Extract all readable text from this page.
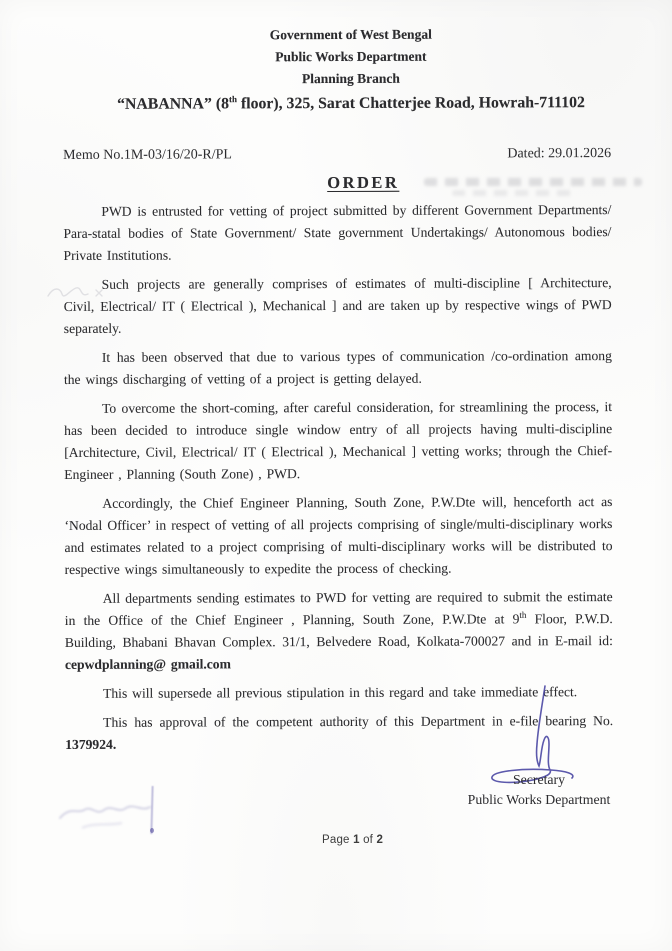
Government of West Bengal
Public Works Department
Planning Branch
“NABANNA” (8th floor), 325, Sarat Chatterjee Road, Howrah-711102
Memo No.1M-03/16/20-R/PL	Dated: 29.01.2026
ORDER

PWD is entrusted for vetting of project submitted by different Government Departments/ Para-statal bodies of State Government/ State government Undertakings/ Autonomous bodies/ Private Institutions.

Such projects are generally comprises of estimates of multi-discipline [ Architecture, Civil, Electrical/ IT ( Electrical ), Mechanical ] and are taken up by respective wings of PWD separately.

It has been observed that due to various types of communication /co-ordination among the wings discharging of vetting of a project is getting delayed.

To overcome the short-coming, after careful consideration, for streamlining the process, it has been decided to introduce single window entry of all projects having multi-discipline [Architecture, Civil, Electrical/ IT ( Electrical ), Mechanical ] vetting works; through the Chief-Engineer , Planning (South Zone) , PWD.

Accordingly, the Chief Engineer Planning, South Zone, P.W.Dte will, henceforth act as ‘Nodal Officer’ in respect of vetting of all projects comprising of single/multi-disciplinary works and estimates related to a project comprising of multi-disciplinary works will be distributed to respective wings simultaneously to expedite the process of checking.

All departments sending estimates to PWD for vetting are required to submit the estimate in the Office of the Chief Engineer , Planning, South Zone, P.W.Dte at 9th Floor, P.W.D. Building, Bhabani Bhavan Complex. 31/1, Belvedere Road, Kolkata-700027 and in E-mail id: cepwdplanning@ gmail.com

This will supersede all previous stipulation in this regard and take immediate effect.

This has approval of the competent authority of this Department in e-file bearing No. 1379924.

Secretary
Public Works Department
Page 1 of 2
